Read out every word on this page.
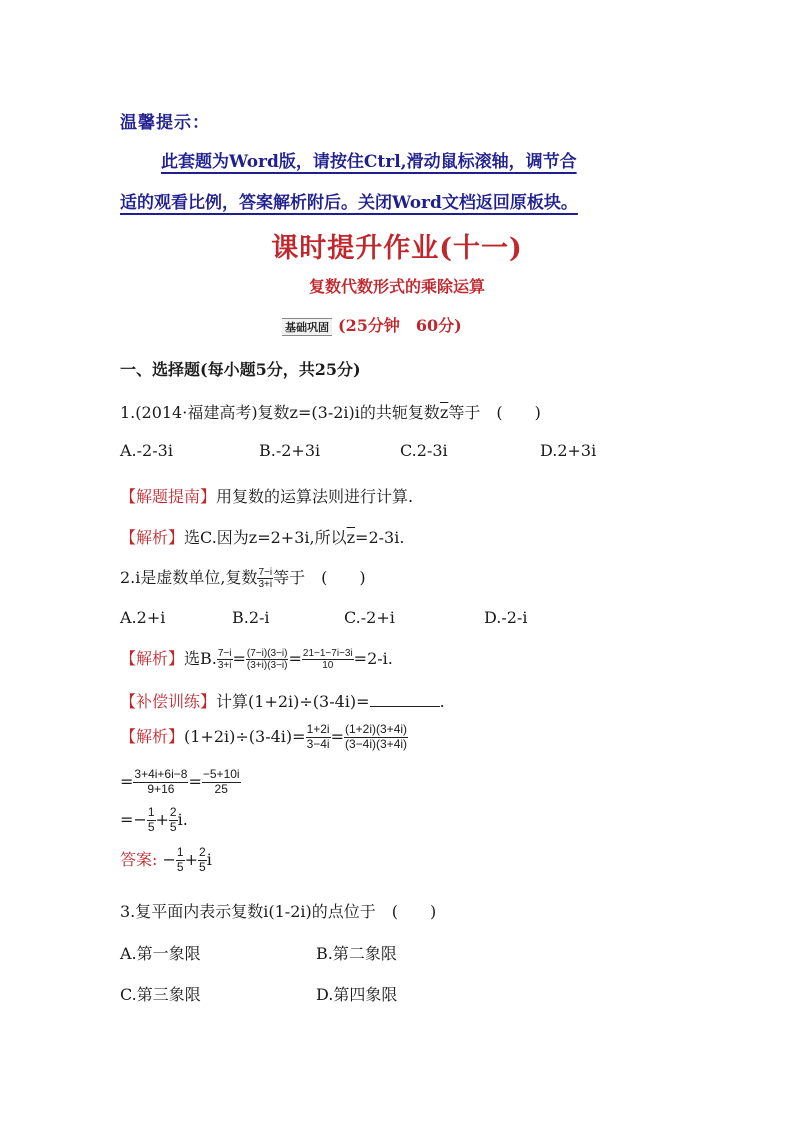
温馨提示：
此套题为Word版，请按住Ctrl,滑动鼠标滚轴，调节合
适的观看比例，答案解析附后。关闭Word文档返回原板块。
课时提升作业(十一)
复数代数形式的乘除运算
基础巩固 (25分钟　60分)
一、选择题(每小题5分，共25分)
1.(2014·福建高考)复数z=(3-2i)i的共轭复数$\overline{z}$等于　(　　)
A.-2-3i	B.-2+3i	C.2-3i	D.2+3i
【解题提南】用复数的运算法则进行计算.
【解析】选C.因为z=2+3i,所以$\overline{z}=2-3i$.
2.i是虚数单位,复数 $\frac{7-i}{3+i}$ 等于　(　　)
A.2+i	B.2-i	C.-2+i	D.-2-i
【解析】选B. $\frac{7-i}{3+i} = \frac{(7-i)(3-i)}{(3+i)(3-i)} = \frac{21-1-7i-3i}{10} =2-i$.
【补偿训练】计算(1+2i)÷(3-4i)=	.
【解析】$(1+2i)\div(3-4i)= \frac{1+2i}{3-4i} = \frac{(1+2i)(3+4i)}{(3-4i)(3+4i)}$
= $\frac{3+4i+6i-8}{9+16} = \frac{-5+10i}{25}$
=− $\frac{1}{5} + \frac{2}{5} i$.
答案: − $\frac{1}{5} + \frac{2}{5}$ i
3.复平面内表示复数i(1-2i)的点位于　(　　)
A.第一象限	B.第二象限
C.第三象限	D.第四象限
